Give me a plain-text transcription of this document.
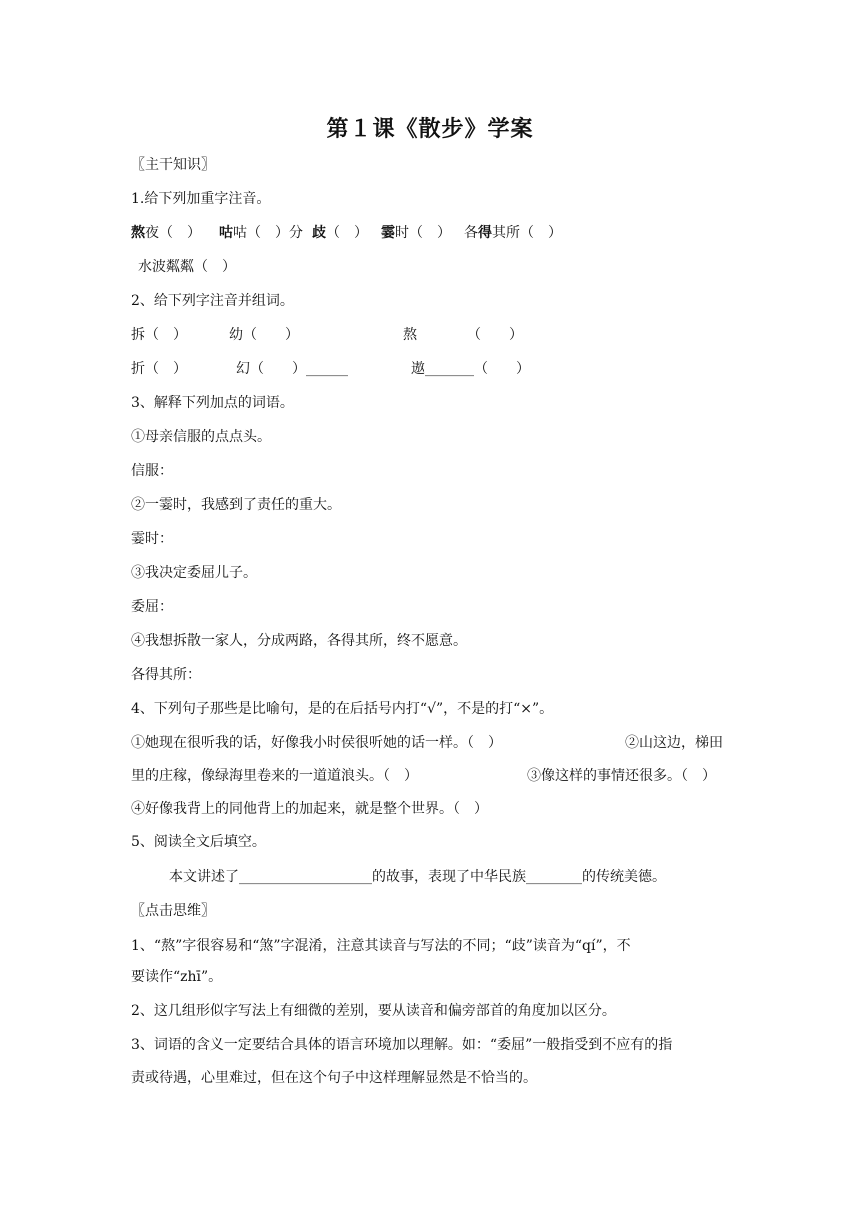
第１课《散步》学案
〖主干知识〗
1.给下列加重字注音。
熬夜（　） 咕咕（　）分 歧（　） 霎时（　） 各得其所（　）
水波粼粼（　）
2、给下列字注音并组词。
拆（　）	幼（　　）	熬	（　　）
折（　）	幻（　　）______	遨_______（　　）
3、解释下列加点的词语。
①母亲信服的点点头。
信服：
②一霎时，我感到了责任的重大。
霎时：
③我决定委屈儿子。
委屈：
④我想拆散一家人，分成两路，各得其所，终不愿意。
各得其所：
4、下列句子那些是比喻句，是的在后括号内打“√”，不是的打“×”。
①她现在很听我的话，好像我小时侯很听她的话一样。（　）	②山这边，梯田
里的庄稼，像绿海里卷来的一道道浪头。（　）	③像这样的事情还很多。（　）
④好像我背上的同他背上的加起来，就是整个世界。（　）
5、阅读全文后填空。
本文讲述了___________________的故事，表现了中华民族________的传统美德。
〖点击思维〗
1、“熬”字很容易和“煞”字混淆，注意其读音与写法的不同；“歧”读音为“qí”，不
要读作“zhī”。
2、这几组形似字写法上有细微的差别，要从读音和偏旁部首的角度加以区分。
3、词语的含义一定要结合具体的语言环境加以理解。如：“委屈”一般指受到不应有的指
责或待遇，心里难过，但在这个句子中这样理解显然是不恰当的。
